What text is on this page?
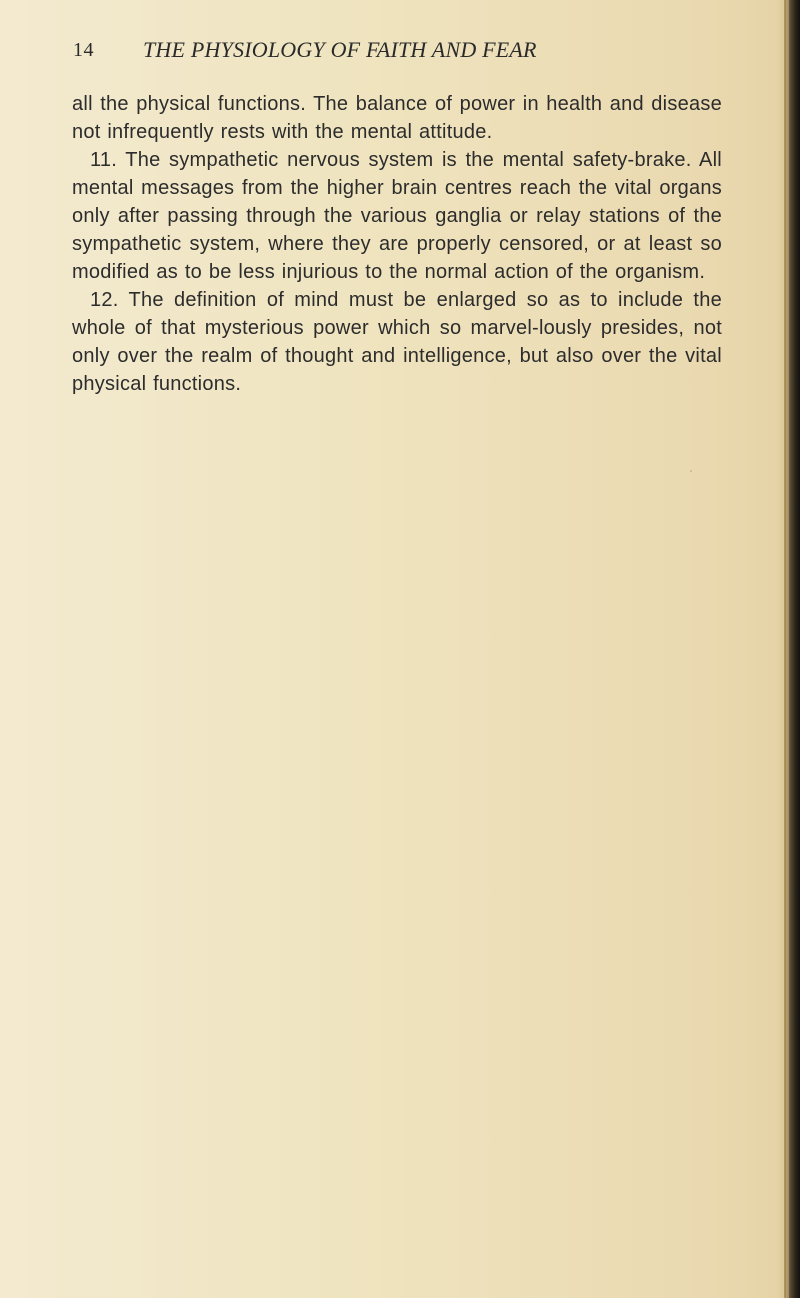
14 THE PHYSIOLOGY OF FAITH AND FEAR

all the physical functions. The balance of power in health and disease not infrequently rests with the mental attitude.

11. The sympathetic nervous system is the mental safety-brake. All mental messages from the higher brain centres reach the vital organs only after passing through the various ganglia or relay stations of the sympathetic system, where they are properly censored, or at least so modified as to be less injurious to the normal action of the organism.

12. The definition of mind must be enlarged so as to include the whole of that mysterious power which so marvel-lously presides, not only over the realm of thought and intelligence, but also over the vital physical functions.
